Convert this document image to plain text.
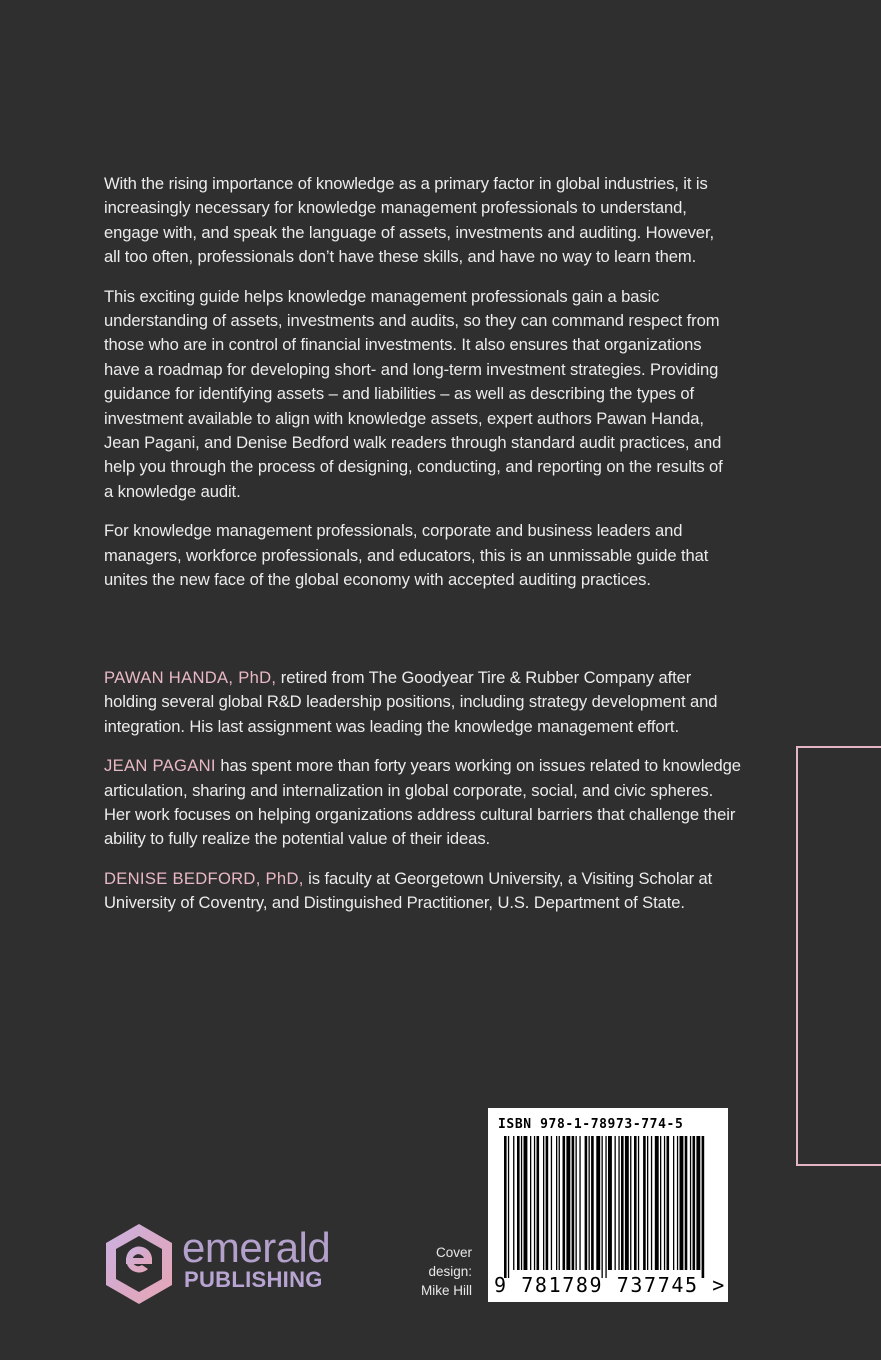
With the rising importance of knowledge as a primary factor in global industries, it is increasingly necessary for knowledge management professionals to understand, engage with, and speak the language of assets, investments and auditing. However, all too often, professionals don’t have these skills, and have no way to learn them.

This exciting guide helps knowledge management professionals gain a basic understanding of assets, investments and audits, so they can command respect from those who are in control of financial investments. It also ensures that organizations have a roadmap for developing short- and long-term investment strategies. Providing guidance for identifying assets – and liabilities – as well as describing the types of investment available to align with knowledge assets, expert authors Pawan Handa, Jean Pagani, and Denise Bedford walk readers through standard audit practices, and help you through the process of designing, conducting, and reporting on the results of a knowledge audit.

For knowledge management professionals, corporate and business leaders and managers, workforce professionals, and educators, this is an unmissable guide that unites the new face of the global economy with accepted auditing practices.

PAWAN HANDA, PhD, retired from The Goodyear Tire & Rubber Company after holding several global R&D leadership positions, including strategy development and integration. His last assignment was leading the knowledge management effort.

JEAN PAGANI has spent more than forty years working on issues related to knowledge articulation, sharing and internalization in global corporate, social, and civic spheres. Her work focuses on helping organizations address cultural barriers that challenge their ability to fully realize the potential value of their ideas.

DENISE BEDFORD, PhD, is faculty at Georgetown University, a Visiting Scholar at University of Coventry, and Distinguished Practitioner, U.S. Department of State.

ISBN 978-1-78973-774-5
9 781789 737745 >
emerald
PUBLISHING
Cover
design:
Mike Hill
